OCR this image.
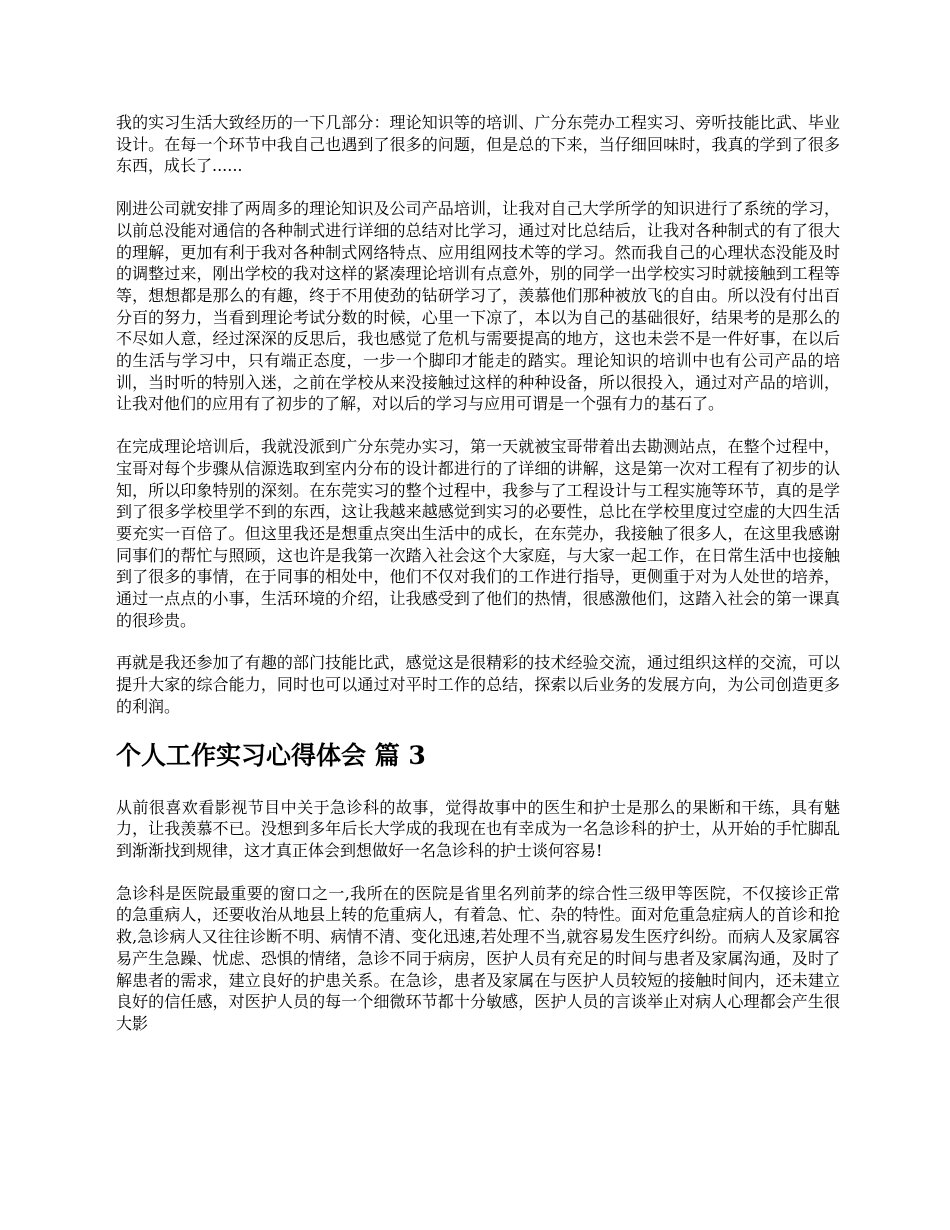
我的实习生活大致经历的一下几部分：理论知识等的培训、广分东莞办工程实习、旁听技能比武、毕业设计。在每一个环节中我自己也遇到了很多的问题，但是总的下来，当仔细回味时，我真的学到了很多东西，成长了......

刚进公司就安排了两周多的理论知识及公司产品培训，让我对自己大学所学的知识进行了系统的学习，以前总没能对通信的各种制式进行详细的总结对比学习，通过对比总结后，让我对各种制式的有了很大的理解，更加有利于我对各种制式网络特点、应用组网技术等的学习。然而我自己的心理状态没能及时的调整过来，刚出学校的我对这样的紧凑理论培训有点意外，别的同学一出学校实习时就接触到工程等等，想想都是那么的有趣，终于不用使劲的钻研学习了，羡慕他们那种被放飞的自由。所以没有付出百分百的努力，当看到理论考试分数的时候，心里一下凉了，本以为自己的基础很好，结果考的是那么的不尽如人意，经过深深的反思后，我也感觉了危机与需要提高的地方，这也未尝不是一件好事，在以后的生活与学习中，只有端正态度，一步一个脚印才能走的踏实。理论知识的培训中也有公司产品的培训，当时听的特别入迷，之前在学校从来没接触过这样的种种设备，所以很投入，通过对产品的培训，让我对他们的应用有了初步的了解，对以后的学习与应用可谓是一个强有力的基石了。

在完成理论培训后，我就没派到广分东莞办实习，第一天就被宝哥带着出去勘测站点，在整个过程中，宝哥对每个步骤从信源选取到室内分布的设计都进行的了详细的讲解，这是第一次对工程有了初步的认知，所以印象特别的深刻。在东莞实习的整个过程中，我参与了工程设计与工程实施等环节，真的是学到了很多学校里学不到的东西，这让我越来越感觉到实习的必要性，总比在学校里度过空虚的大四生活要充实一百倍了。但这里我还是想重点突出生活中的成长，在东莞办，我接触了很多人，在这里我感谢同事们的帮忙与照顾，这也许是我第一次踏入社会这个大家庭，与大家一起工作，在日常生活中也接触到了很多的事情，在于同事的相处中，他们不仅对我们的工作进行指导，更侧重于对为人处世的培养，通过一点点的小事，生活环境的介绍，让我感受到了他们的热情，很感激他们，这踏入社会的第一课真的很珍贵。

再就是我还参加了有趣的部门技能比武，感觉这是很精彩的技术经验交流，通过组织这样的交流，可以提升大家的综合能力，同时也可以通过对平时工作的总结，探索以后业务的发展方向，为公司创造更多的利润。

个人工作实习心得体会 篇 3

从前很喜欢看影视节目中关于急诊科的故事，觉得故事中的医生和护士是那么的果断和干练，具有魅力，让我羡慕不已。没想到多年后长大学成的我现在也有幸成为一名急诊科的护士，从开始的手忙脚乱到渐渐找到规律，这才真正体会到想做好一名急诊科的护士谈何容易!

急诊科是医院最重要的窗口之一,我所在的医院是省里名列前茅的综合性三级甲等医院，不仅接诊正常的急重病人，还要收治从地县上转的危重病人，有着急、忙、杂的特性。面对危重急症病人的首诊和抢救,急诊病人又往往诊断不明、病情不清、变化迅速,若处理不当,就容易发生医疗纠纷。而病人及家属容易产生急躁、忧虑、恐惧的情绪，急诊不同于病房，医护人员有充足的时间与患者及家属沟通，及时了解患者的需求，建立良好的护患关系。在急诊，患者及家属在与医护人员较短的接触时间内，还未建立良好的信任感，对医护人员的每一个细微环节都十分敏感，医护人员的言谈举止对病人心理都会产生很大影
